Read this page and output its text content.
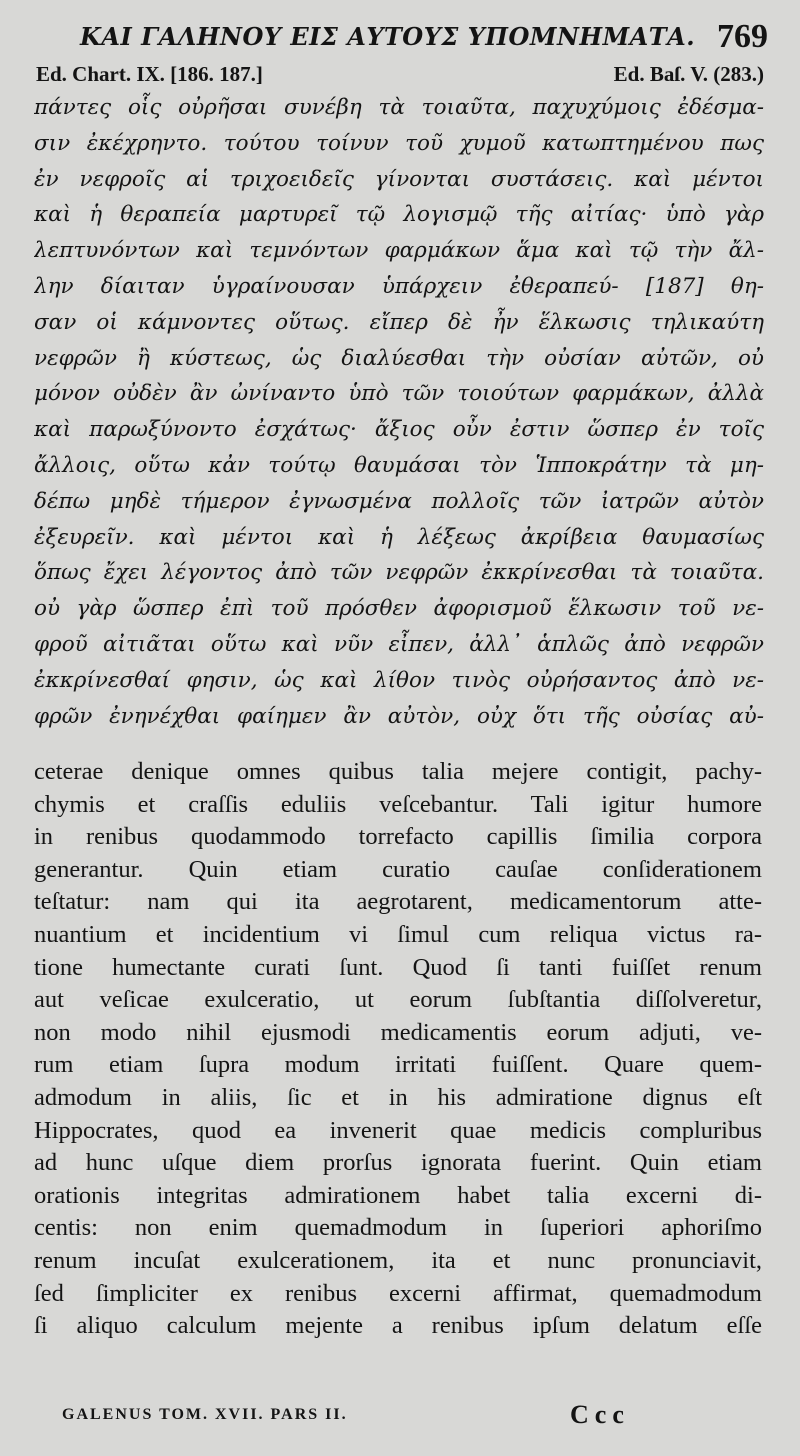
ΚΑΙ ΓΑΛΗΝΟΥ ΕΙΣ ΑΥΤΟΥΣ ΥΠΟΜΝΗΜΑΤΑ. 769
Ed. Chart. IX. [186. 187.]	Ed. Baſ. V. (283.)
πάντες οἷς οὐρῆσαι συνέβη τὰ τοιαῦτα, παχυχύμοις ἐδέσμα-
σιν ἐκέχρηντο. τούτου τοίνυν τοῦ χυμοῦ κατωπτημένου πως
ἐν νεφροῖς αἱ τριχοειδεῖς γίνονται συστάσεις. καὶ μέντοι
καὶ ἡ θεραπεία μαρτυρεῖ τῷ λογισμῷ τῆς αἰτίας· ὑπὸ γὰρ
λεπτυνόντων καὶ τεμνόντων φαρμάκων ἅμα καὶ τῷ τὴν ἄλ-
λην δίαιταν ὑγραίνουσαν ὑπάρχειν ἐθεραπεύ- [187] θη-
σαν οἱ κάμνοντες οὕτως. εἴπερ δὲ ἦν ἕλκωσις τηλικαύτη
νεφρῶν ἢ κύστεως, ὡς διαλύεσθαι τὴν οὐσίαν αὐτῶν, οὐ
μόνον οὐδὲν ἂν ὠνίναντο ὑπὸ τῶν τοιούτων φαρμάκων, ἀλλὰ
καὶ παρωξύνοντο ἐσχάτως· ἄξιος οὖν ἐστιν ὥσπερ ἐν τοῖς
ἄλλοις, οὕτω κἀν τούτῳ θαυμάσαι τὸν Ἱπποκράτην τὰ μη-
δέπω μηδὲ τήμερον ἐγνωσμένα πολλοῖς τῶν ἰατρῶν αὐτὸν
ἐξευρεῖν. καὶ μέντοι καὶ ἡ λέξεως ἀκρίβεια θαυμασίως
ὅπως ἔχει λέγοντος ἀπὸ τῶν νεφρῶν ἐκκρίνεσθαι τὰ τοιαῦτα.
οὐ γὰρ ὥσπερ ἐπὶ τοῦ πρόσθεν ἀφορισμοῦ ἕλκωσιν τοῦ νε-
φροῦ αἰτιᾶται οὕτω καὶ νῦν εἶπεν, ἀλλ᾽ ἁπλῶς ἀπὸ νεφρῶν
ἐκκρίνεσθαί φησιν, ὡς καὶ λίθον τινὸς οὐρήσαντος ἀπὸ νε-
φρῶν ἐνηνέχθαι φαίημεν ἂν αὐτὸν, οὐχ ὅτι τῆς οὐσίας αὐ-
ceterae denique omnes quibus talia mejere contigit, pachy-
chymis et craſſis eduliis veſcebantur. Tali igitur humore
in renibus quodammodo torrefacto capillis ſimilia corpora
generantur. Quin etiam curatio cauſae conſiderationem
teſtatur: nam qui ita aegrotarent, medicamentorum atte-
nuantium et incidentium vi ſimul cum reliqua victus ra-
tione humectante curati ſunt. Quod ſi tanti fuiſſet renum
aut veſicae exulceratio, ut eorum ſubſtantia diſſolveretur,
non modo nihil ejusmodi medicamentis eorum adjuti, ve-
rum etiam ſupra modum irritati fuiſſent. Quare quem-
admodum in aliis, ſic et in his admiratione dignus eſt
Hippocrates, quod ea invenerit quae medicis compluribus
ad hunc uſque diem prorſus ignorata fuerint. Quin etiam
orationis integritas admirationem habet talia excerni di-
centis: non enim quemadmodum in ſuperiori aphoriſmo
renum incuſat exulcerationem, ita et nunc pronunciavit,
ſed ſimpliciter ex renibus excerni affirmat, quemadmodum
ſi aliquo calculum mejente a renibus ipſum delatum eſſe
GALENUS TOM. XVII. PARS II.	Ccc
